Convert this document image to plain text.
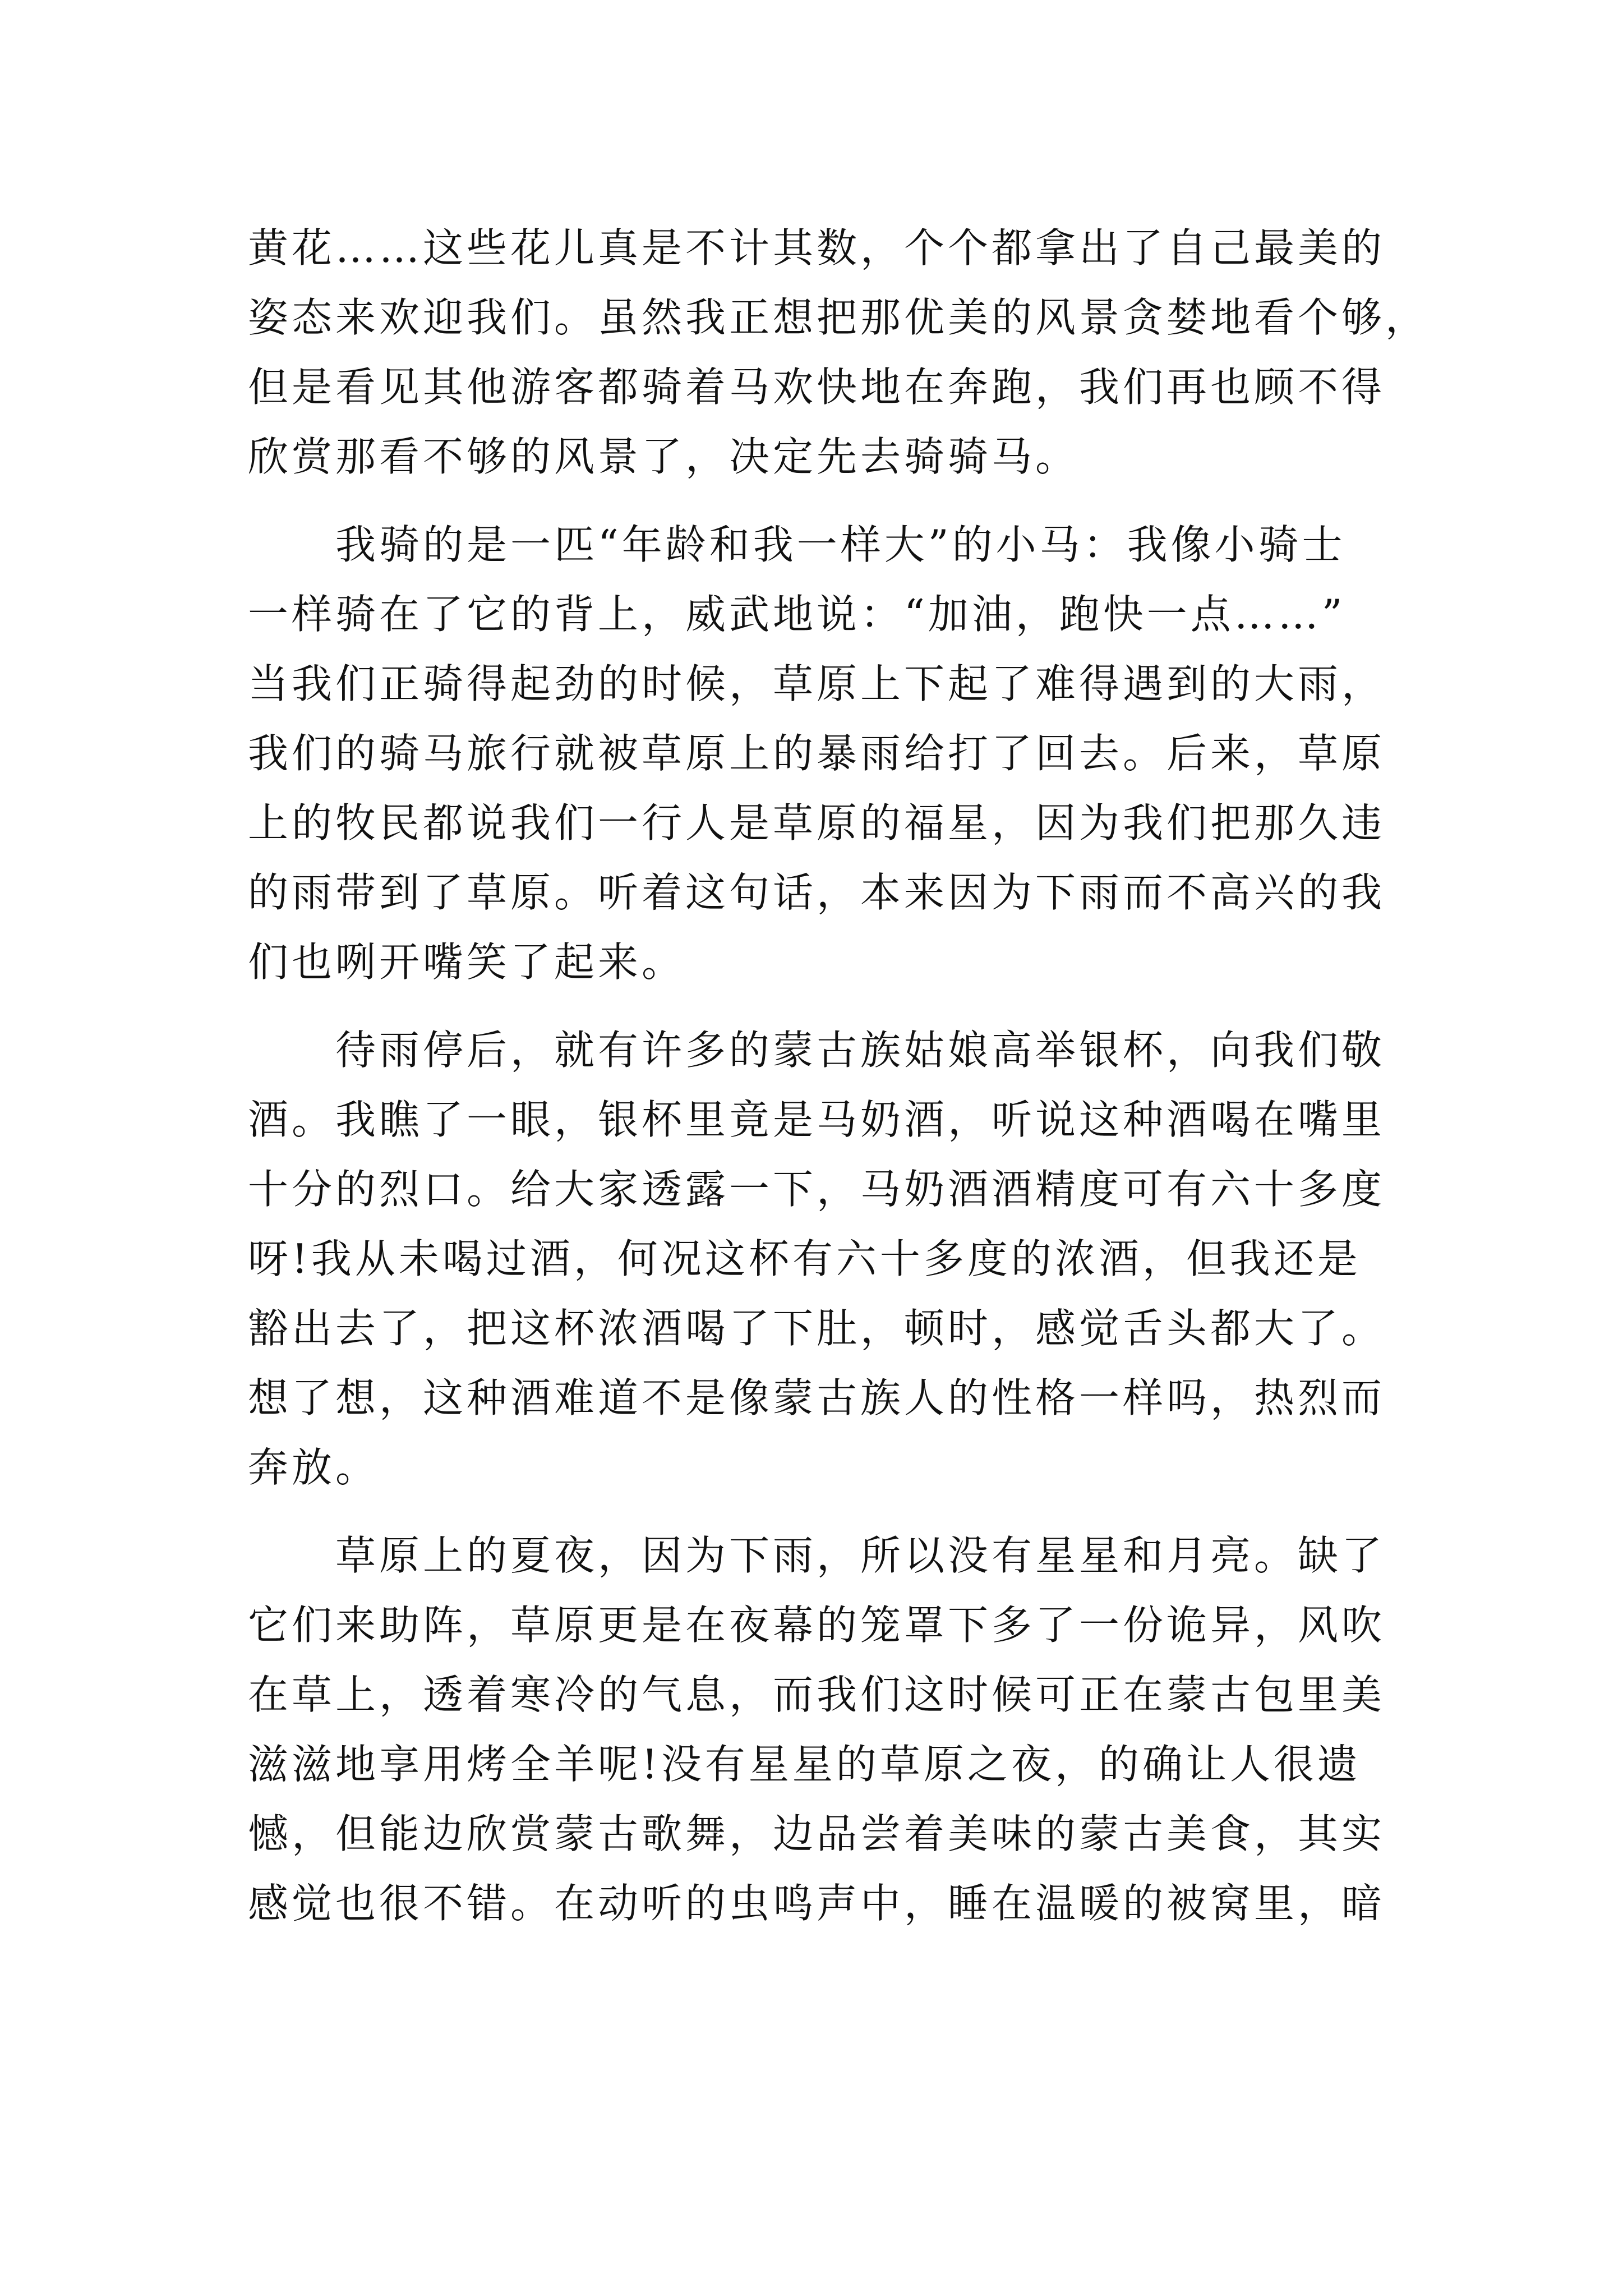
黄花……这些花儿真是不计其数，个个都拿出了自己最美的
姿态来欢迎我们。虽然我正想把那优美的风景贪婪地看个够，
但是看见其他游客都骑着马欢快地在奔跑，我们再也顾不得
欣赏那看不够的风景了，决定先去骑骑马。
我骑的是一匹“年龄和我一样大”的小马：我像小骑士
一样骑在了它的背上，威武地说：“加油，跑快一点……”
当我们正骑得起劲的时候，草原上下起了难得遇到的大雨，
我们的骑马旅行就被草原上的暴雨给打了回去。后来，草原
上的牧民都说我们一行人是草原的福星，因为我们把那久违
的雨带到了草原。听着这句话，本来因为下雨而不高兴的我
们也咧开嘴笑了起来。
待雨停后，就有许多的蒙古族姑娘高举银杯，向我们敬
酒。我瞧了一眼，银杯里竟是马奶酒，听说这种酒喝在嘴里
十分的烈口。给大家透露一下，马奶酒酒精度可有六十多度
呀!我从未喝过酒，何况这杯有六十多度的浓酒，但我还是
豁出去了，把这杯浓酒喝了下肚，顿时，感觉舌头都大了。
想了想，这种酒难道不是像蒙古族人的性格一样吗，热烈而
奔放。
草原上的夏夜，因为下雨，所以没有星星和月亮。缺了
它们来助阵，草原更是在夜幕的笼罩下多了一份诡异，风吹
在草上，透着寒冷的气息，而我们这时候可正在蒙古包里美
滋滋地享用烤全羊呢!没有星星的草原之夜，的确让人很遗
憾，但能边欣赏蒙古歌舞，边品尝着美味的蒙古美食，其实
感觉也很不错。在动听的虫鸣声中，睡在温暖的被窝里，暗
